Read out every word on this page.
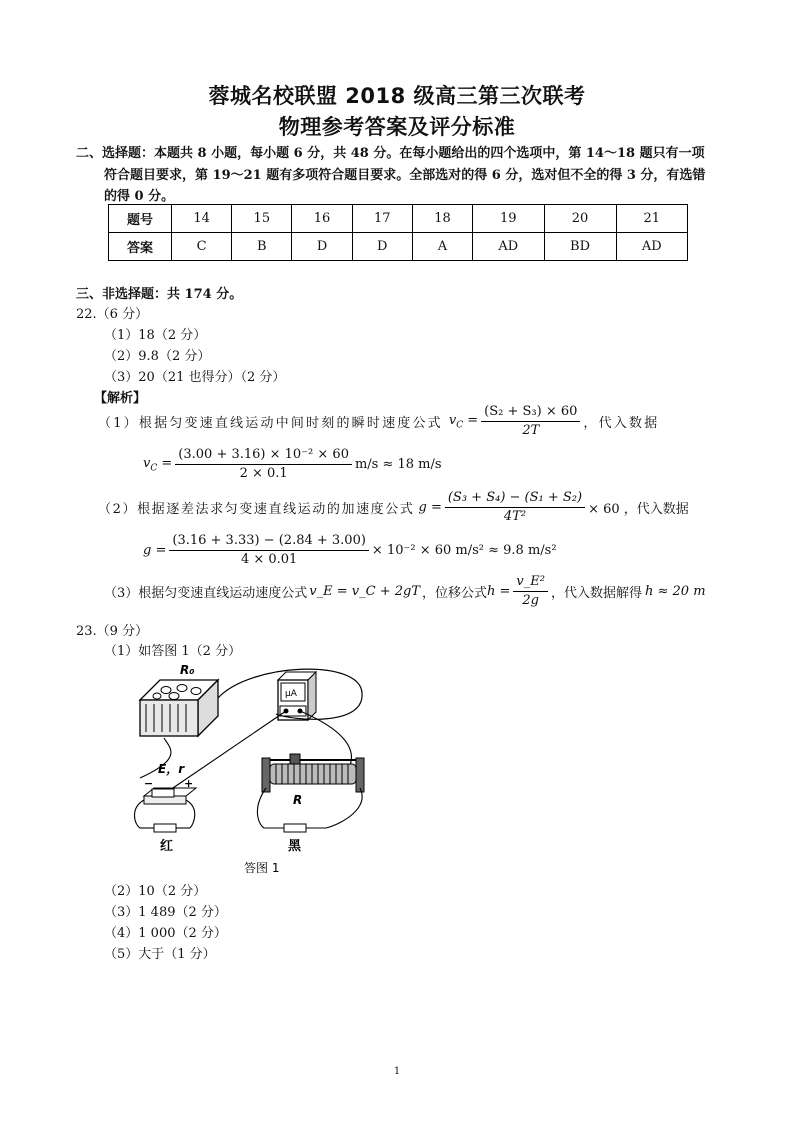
蓉城名校联盟 2018 级高三第三次联考
物理参考答案及评分标准
二、选择题：本题共 8 小题，每小题 6 分，共 48 分。在每小题给出的四个选项中，第 14～18 题只有一项
符合题目要求，第 19～21 题有多项符合题目要求。全部选对的得 6 分，选对但不全的得 3 分，有选错
的得 0 分。
题号	14	15	16	17	18	19	20	21
答案	C	B	D	D	A	AD	BD	AD
三、非选择题：共 174 分。
22.（6 分）
（1）18（2 分）
（2）9.8（2 分）
（3）20（21 也得分）（2 分）
【解析】
（1）根据匀变速直线运动中间时刻的瞬时速度公式 $v_C = \frac{\text{(S₂ + S₃) × 60}}{2T}$ ，代入数据
$v_C = \frac{\text{(3.00 + 3.16) × 10⁻² × 60}}{2 \times 0.1} m/s \approx 18$ m/s
（2）根据逐差法求匀变速直线运动的加速度公式 $g = \frac{\text{(S₃ + S₄) − (S₁ + S₂)}}{\text{4T²}} \times 60$ ，代入数据
$g = \frac{(3.16 + 3.33) - (2.84 + 3.00)}{4 \times 0.01} \times 10^{-2} \times 60$ m/s² ≈ 9.8 m/s²
（3）根据匀变速直线运动速度公式 v_E = v_C + 2gT ，位移公式 $h = \frac{\text{v\_E²}}{2g}$ ，代入数据解得 h ≈ 20 m
23.（9 分）
（1）如答图 1（2 分）
R₀
μA
E，r
−	+
R
红	黑
答图 1
（2）10（2 分）
（3）1 489（2 分）
（4）1 000（2 分）
（5）大于（1 分）
1
